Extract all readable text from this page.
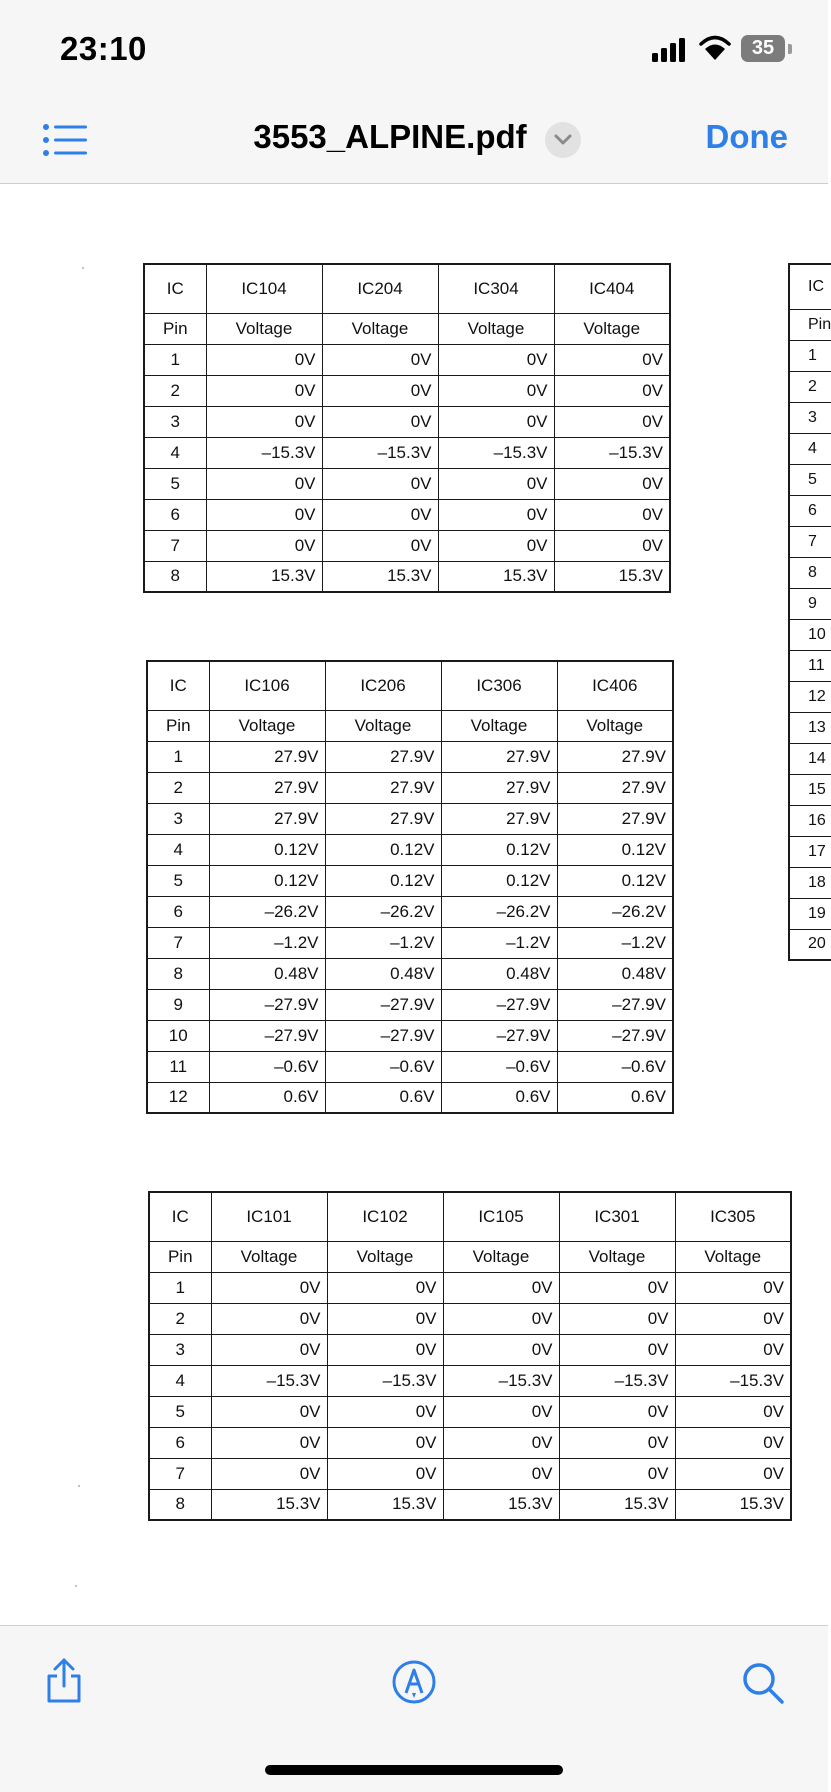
23:10	35
3553_ALPINE.pdf	Done
IC	IC104	IC204	IC304	IC404
Pin	Voltage	Voltage	Voltage	Voltage
1	0V	0V	0V	0V
2	0V	0V	0V	0V
3	0V	0V	0V	0V
4	–15.3V	–15.3V	–15.3V	–15.3V
5	0V	0V	0V	0V
6	0V	0V	0V	0V
7	0V	0V	0V	0V
8	15.3V	15.3V	15.3V	15.3V
IC	IC106	IC206	IC306	IC406
Pin	Voltage	Voltage	Voltage	Voltage
1	27.9V	27.9V	27.9V	27.9V
2	27.9V	27.9V	27.9V	27.9V
3	27.9V	27.9V	27.9V	27.9V
4	0.12V	0.12V	0.12V	0.12V
5	0.12V	0.12V	0.12V	0.12V
6	–26.2V	–26.2V	–26.2V	–26.2V
7	–1.2V	–1.2V	–1.2V	–1.2V
8	0.48V	0.48V	0.48V	0.48V
9	–27.9V	–27.9V	–27.9V	–27.9V
10	–27.9V	–27.9V	–27.9V	–27.9V
11	–0.6V	–0.6V	–0.6V	–0.6V
12	0.6V	0.6V	0.6V	0.6V
IC	IC101	IC102	IC105	IC301	IC305
Pin	Voltage	Voltage	Voltage	Voltage	Voltage
1	0V	0V	0V	0V	0V
2	0V	0V	0V	0V	0V
3	0V	0V	0V	0V	0V
4	–15.3V	–15.3V	–15.3V	–15.3V	–15.3V
5	0V	0V	0V	0V	0V
6	0V	0V	0V	0V	0V
7	0V	0V	0V	0V	0V
8	15.3V	15.3V	15.3V	15.3V	15.3V
IC
Pin
1
2
3
4
5
6
7
8
9
10
11
12
13
14
15
16
17
18
19
20
